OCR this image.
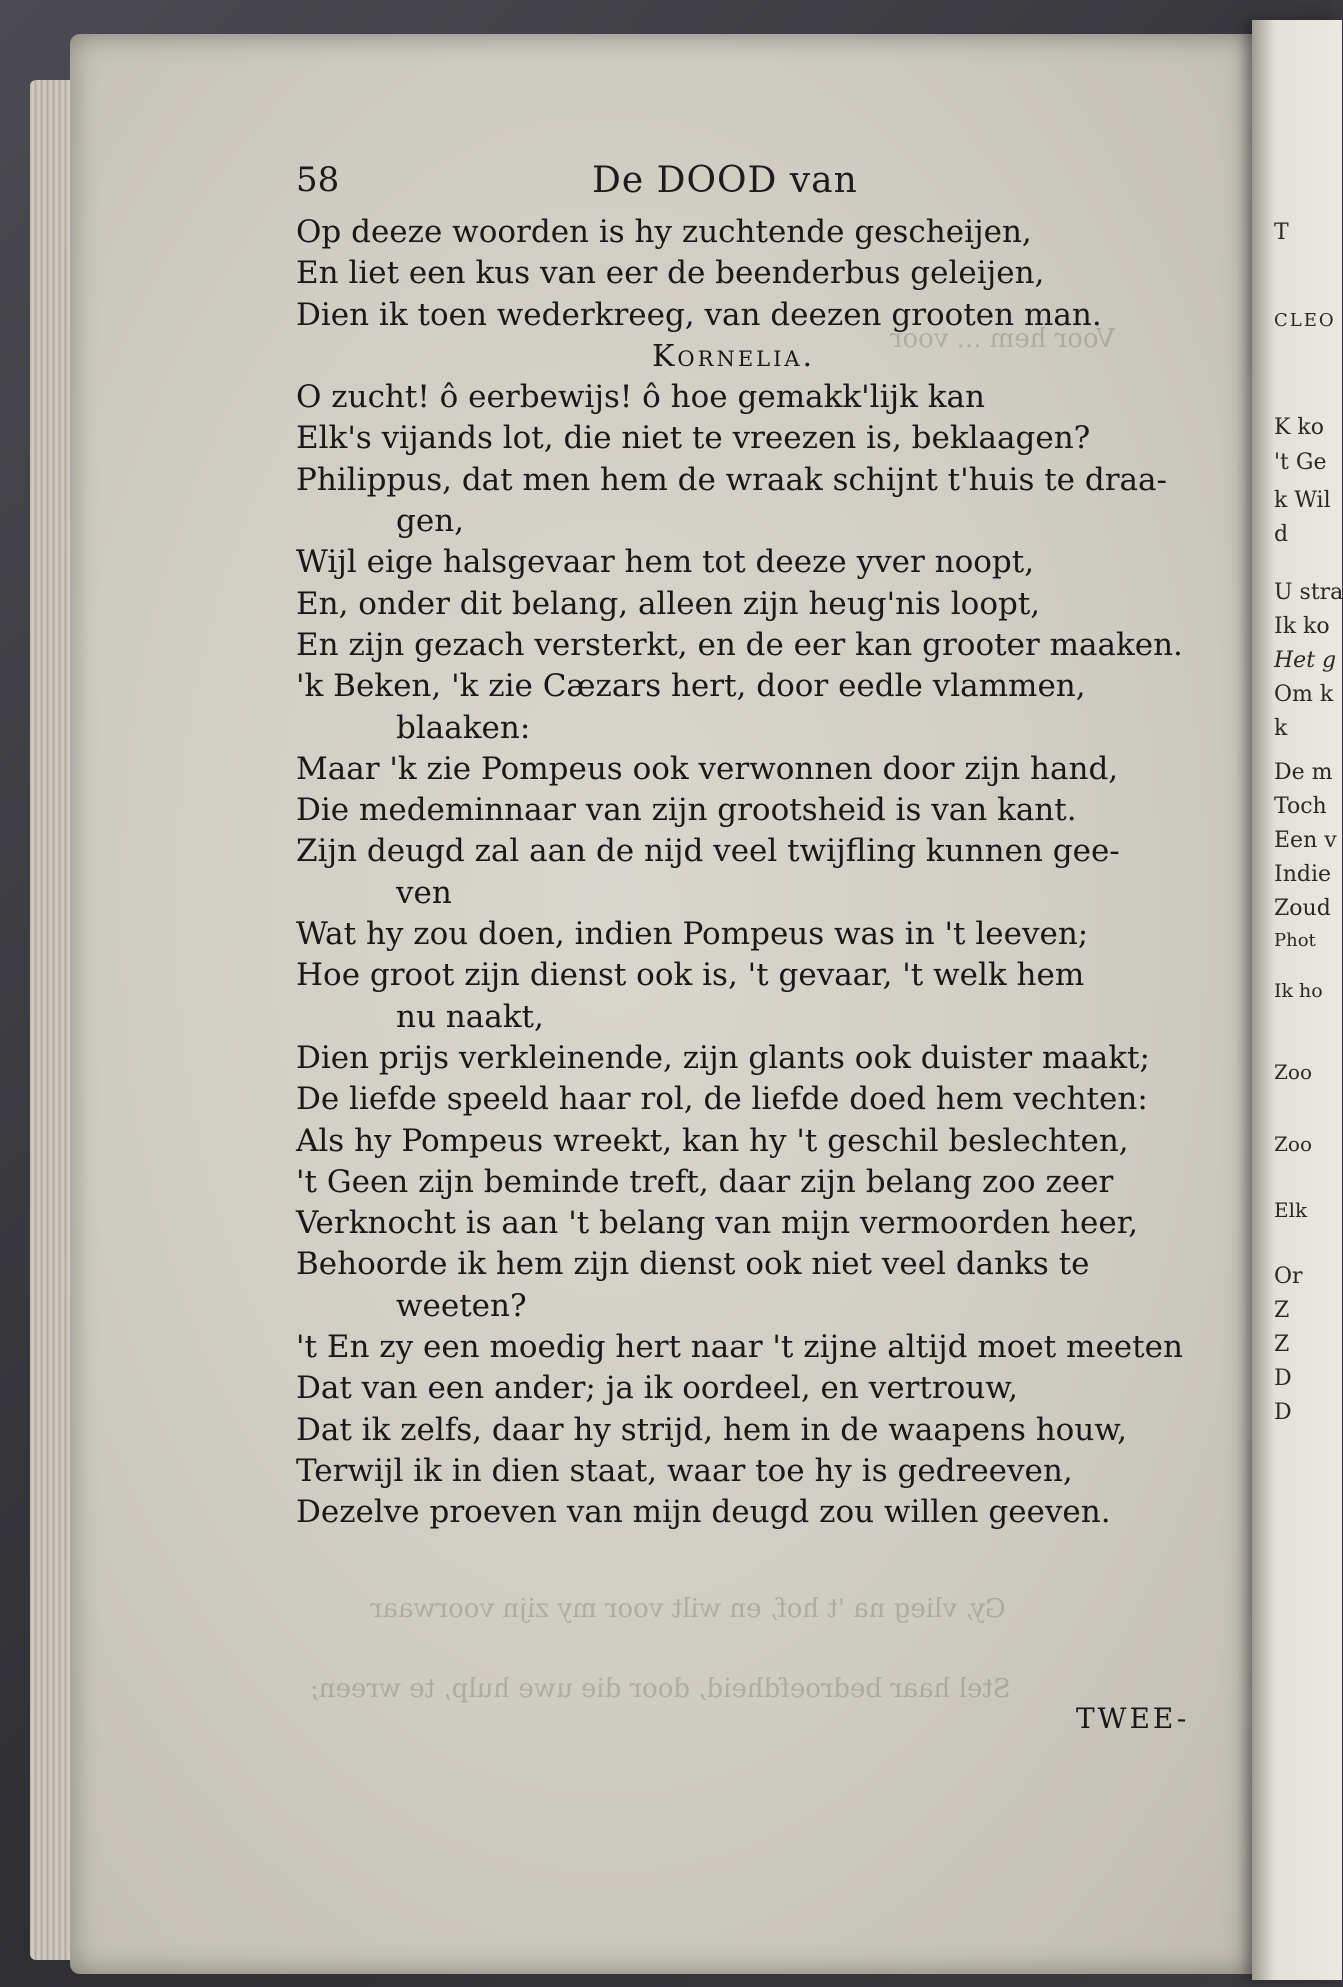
Voor hem ... voor
Gy, vlieg na 't hof, en wilt voor my zijn voorwaar
Stel haar bedroefdheid, door die uwe hulp, te wreen;
T
CLEO
K ko
't Ge
k Wil
d
U stra
Ik ko
Het g
Om k
k
De m
Toch
Een v
Indie
Zoud
Phot
Ik ho
Zoo
Zoo
Elk
Or
Z
Z
D
D
58	De DOOD van
Op deeze woorden is hy zuchtende gescheijen,
En liet een kus van eer de beenderbus geleijen,
Dien ik toen wederkreeg, van deezen grooten man.
Kornelia.
O zucht! ô eerbewijs! ô hoe gemakk'lijk kan
Elk's vijands lot, die niet te vreezen is, beklaagen?
Philippus, dat men hem de wraak schijnt t'huis te draa-
gen,
Wijl eige halsgevaar hem tot deeze yver noopt,
En, onder dit belang, alleen zijn heug'nis loopt,
En zijn gezach versterkt, en de eer kan grooter maaken.
'k Beken, 'k zie Cæzars hert, door eedle vlammen,
blaaken:
Maar 'k zie Pompeus ook verwonnen door zijn hand,
Die medeminnaar van zijn grootsheid is van kant.
Zijn deugd zal aan de nijd veel twijfling kunnen gee-
ven
Wat hy zou doen, indien Pompeus was in 't leeven;
Hoe groot zijn dienst ook is, 't gevaar, 't welk hem
nu naakt,
Dien prijs verkleinende, zijn glants ook duister maakt;
De liefde speeld haar rol, de liefde doed hem vechten:
Als hy Pompeus wreekt, kan hy 't geschil beslechten,
't Geen zijn beminde treft, daar zijn belang zoo zeer
Verknocht is aan 't belang van mijn vermoorden heer,
Behoorde ik hem zijn dienst ook niet veel danks te
weeten?
't En zy een moedig hert naar 't zijne altijd moet meeten
Dat van een ander; ja ik oordeel, en vertrouw,
Dat ik zelfs, daar hy strijd, hem in de waapens houw,
Terwijl ik in dien staat, waar toe hy is gedreeven,
Dezelve proeven van mijn deugd zou willen geeven.
TWEE-
